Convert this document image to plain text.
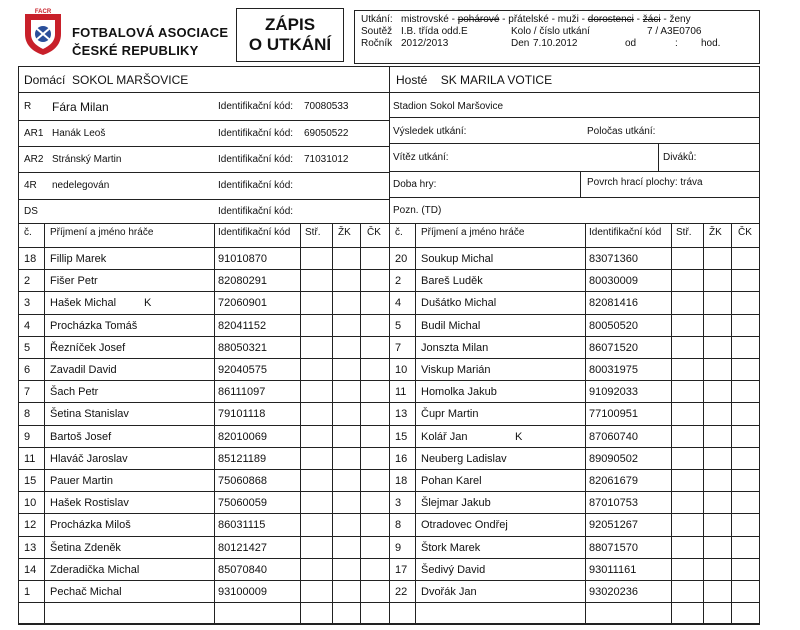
FAČR
FOTBALOVÁ ASOCIACE
ČESKÉ REPUBLIKY
ZÁPIS
O UTKÁNÍ
Utkání: mistrovské - pohárové - přátelské - muži - dorostenci - žáci - ženy
Soutěž I.B. třída odd.E	Kolo / číslo utkání	7 / A3E0706
Ročník 2012/2013	Den 7.10.2012	od	:	hod.
Domácí SOKOL MARŠOVICE	Hosté SK MARILA VOTICE
R Fára Milan	Identifikační kód: 70080533
AR1 Hanák Leoš	Identifikační kód: 69050522
AR2 Stránský Martin	Identifikační kód: 71031012
4R nedelegován	Identifikační kód:
DS	Identifikační kód:
Stadion Sokol Maršovice
Výsledek utkání:	Poločas utkání:
Vítěz utkání:	Diváků:
Doba hry:	Povrch hrací plochy: tráva
Pozn. (TD)
č. Příjmení a jméno hráče	Identifikační kód Stř. ŽK ČK
18 Fillip Marek	91010870
2 Fišer Petr	82080291
3 Hašek Michal	K	72060901
4 Procházka Tomáš	82041152
5 Řezníček Josef	88050321
6 Zavadil David	92040575
7 Šach Petr	86111097
8 Šetina Stanislav	79101118
9 Bartoš Josef	82010069
11 Hlaváč Jaroslav	85121189
15 Pauer Martin	75060868
10 Hašek Rostislav	75060059
12 Procházka Miloš	86031115
13 Šetina Zdeněk	80121427
14 Zderadička Michal	85070840
1 Pechač Michal	93100009
č. Příjmení a jméno hráče	Identifikační kód Stř. ŽK ČK
20 Soukup Michal	83071360
2 Bareš Luděk	80030009
4 Dušátko Michal	82081416
5 Budil Michal	80050520
7 Jonszta Milan	86071520
10 Viskup Marián	80031975
11 Homolka Jakub	91092033
13 Čupr Martin	77100951
15 Kolář Jan	K	87060740
16 Neuberg Ladislav	89090502
18 Pohan Karel	82061679
3 Šlejmar Jakub	87010753
8 Otradovec Ondřej	92051267
9 Štork Marek	88071570
17 Šedivý David	93011161
22 Dvořák Jan	93020236
